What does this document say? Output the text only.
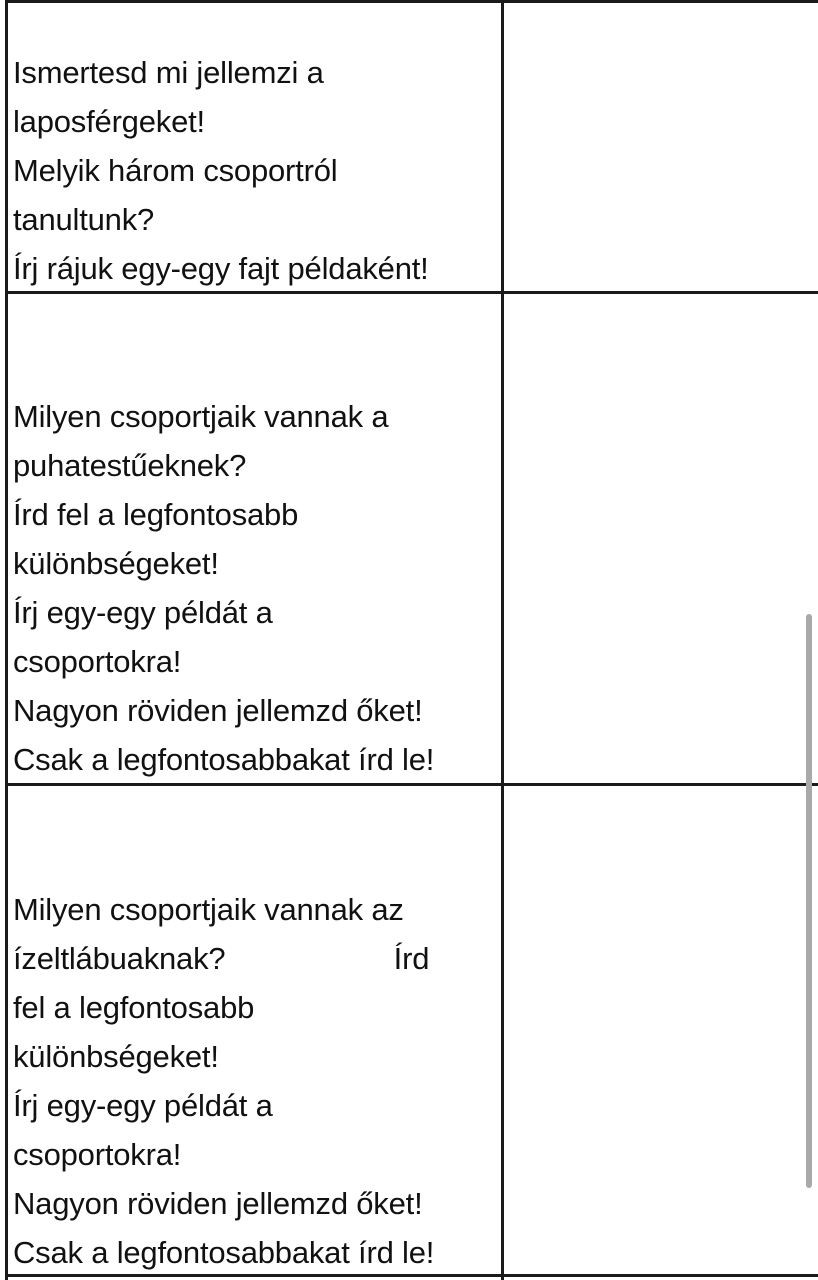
Ismertesd mi jellemzi a
laposférgeket!
Melyik három csoportról
tanultunk?
Írj rájuk egy-egy fajt példaként!
Milyen csoportjaik vannak a
puhatestűeknek?
Írd fel a legfontosabb
különbségeket!
Írj egy-egy példát a
csoportokra!
Nagyon röviden jellemzd őket!
Csak a legfontosabbakat írd le!
Milyen csoportjaik vannak az
ízeltlábuaknak?                    Írd
fel a legfontosabb
különbségeket!
Írj egy-egy példát a
csoportokra!
Nagyon röviden jellemzd őket!
Csak a legfontosabbakat írd le!
